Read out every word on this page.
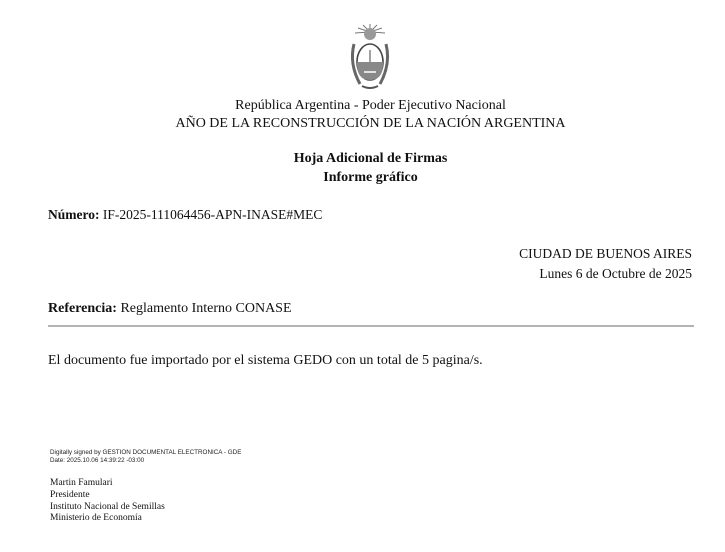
República Argentina - Poder Ejecutivo Nacional
AÑO DE LA RECONSTRUCCIÓN DE LA NACIÓN ARGENTINA
Hoja Adicional de Firmas
Informe gráfico
Número: IF-2025-111064456-APN-INASE#MEC
CIUDAD DE BUENOS AIRES
Lunes 6 de Octubre de 2025
Referencia: Reglamento Interno CONASE
El documento fue importado por el sistema GEDO con un total de 5 pagina/s.
Digitally signed by GESTION DOCUMENTAL ELECTRONICA - GDE
Date: 2025.10.06 14:39:22 -03:00
Martin Famulari
Presidente
Instituto Nacional de Semillas
Ministerio de Economía
